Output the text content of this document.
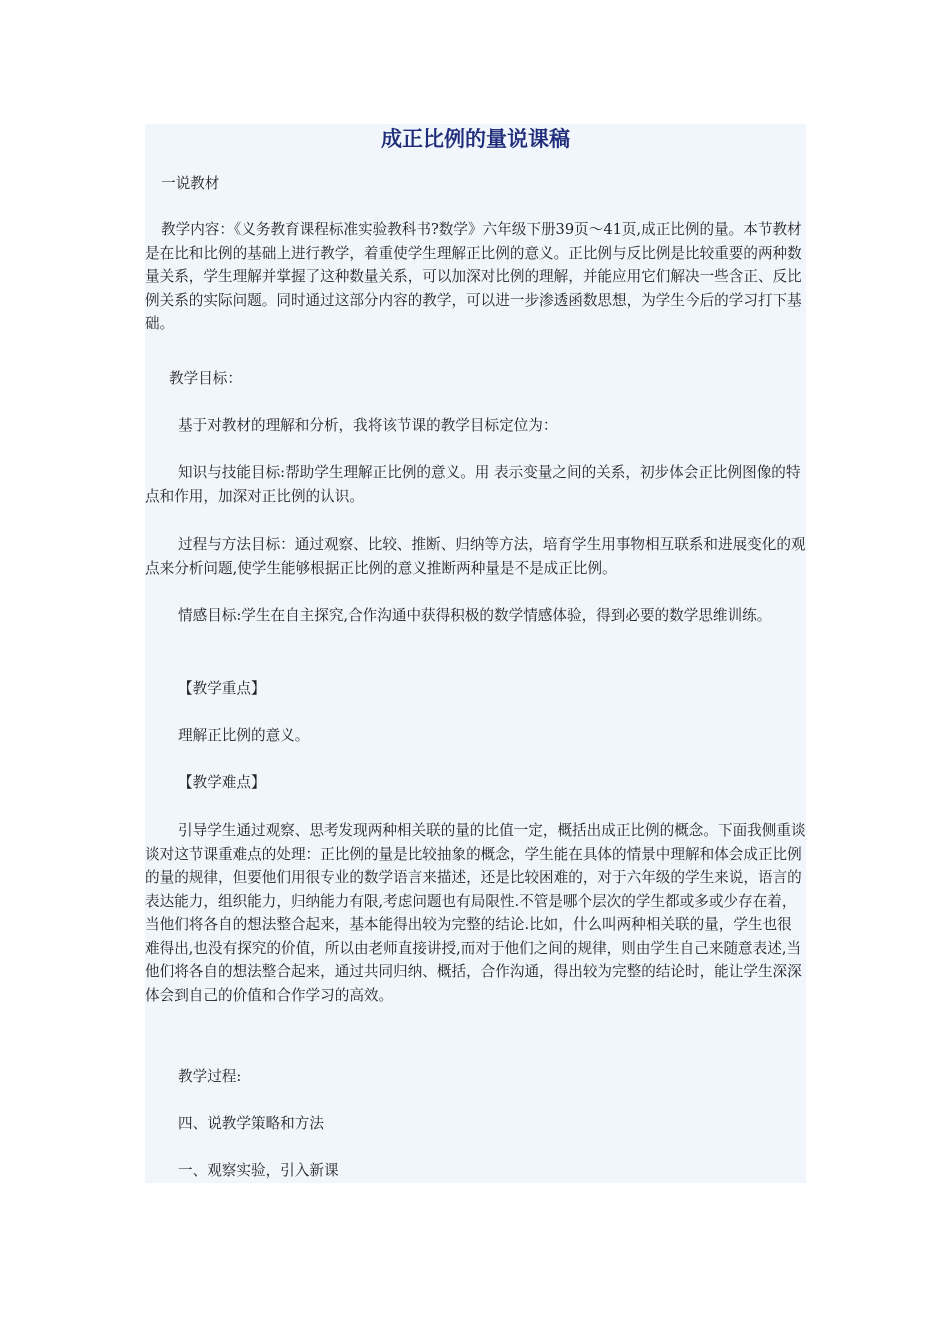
成正比例的量说课稿

一说教材

教学内容：《义务教育课程标准实验教科书?数学》六年级下册39页～41页,成正比例的量。本节教材是在比和比例的基础上进行教学，着重使学生理解正比例的意义。正比例与反比例是比较重要的两种数量关系，学生理解并掌握了这种数量关系，可以加深对比例的理解，并能应用它们解决一些含正、反比例关系的实际问题。同时通过这部分内容的教学，可以进一步渗透函数思想，为学生今后的学习打下基础。

教学目标：

基于对教材的理解和分析，我将该节课的教学目标定位为：

知识与技能目标:帮助学生理解正比例的意义。用 表示变量之间的关系，初步体会正比例图像的特点和作用，加深对正比例的认识。

过程与方法目标：通过观察、比较、推断、归纳等方法，培育学生用事物相互联系和进展变化的观点来分析问题,使学生能够根据正比例的意义推断两种量是不是成正比例。

情感目标:学生在自主探究,合作沟通中获得积极的数学情感体验，得到必要的数学思维训练。

【教学重点】

理解正比例的意义。

【教学难点】

引导学生通过观察、思考发现两种相关联的量的比值一定，概括出成正比例的概念。下面我侧重谈谈对这节课重难点的处理：正比例的量是比较抽象的概念，学生能在具体的情景中理解和体会成正比例的量的规律，但要他们用很专业的数学语言来描述，还是比较困难的，对于六年级的学生来说，语言的表达能力，组织能力，归纳能力有限,考虑问题也有局限性.不管是哪个层次的学生都或多或少存在着，当他们将各自的想法整合起来，基本能得出较为完整的结论.比如，什么叫两种相关联的量，学生也很难得出,也没有探究的价值，所以由老师直接讲授,而对于他们之间的规律，则由学生自己来随意表述,当他们将各自的想法整合起来，通过共同归纳、概括，合作沟通，得出较为完整的结论时，能让学生深深体会到自己的价值和合作学习的高效。

教学过程:

四、说教学策略和方法

一、观察实验，引入新课
